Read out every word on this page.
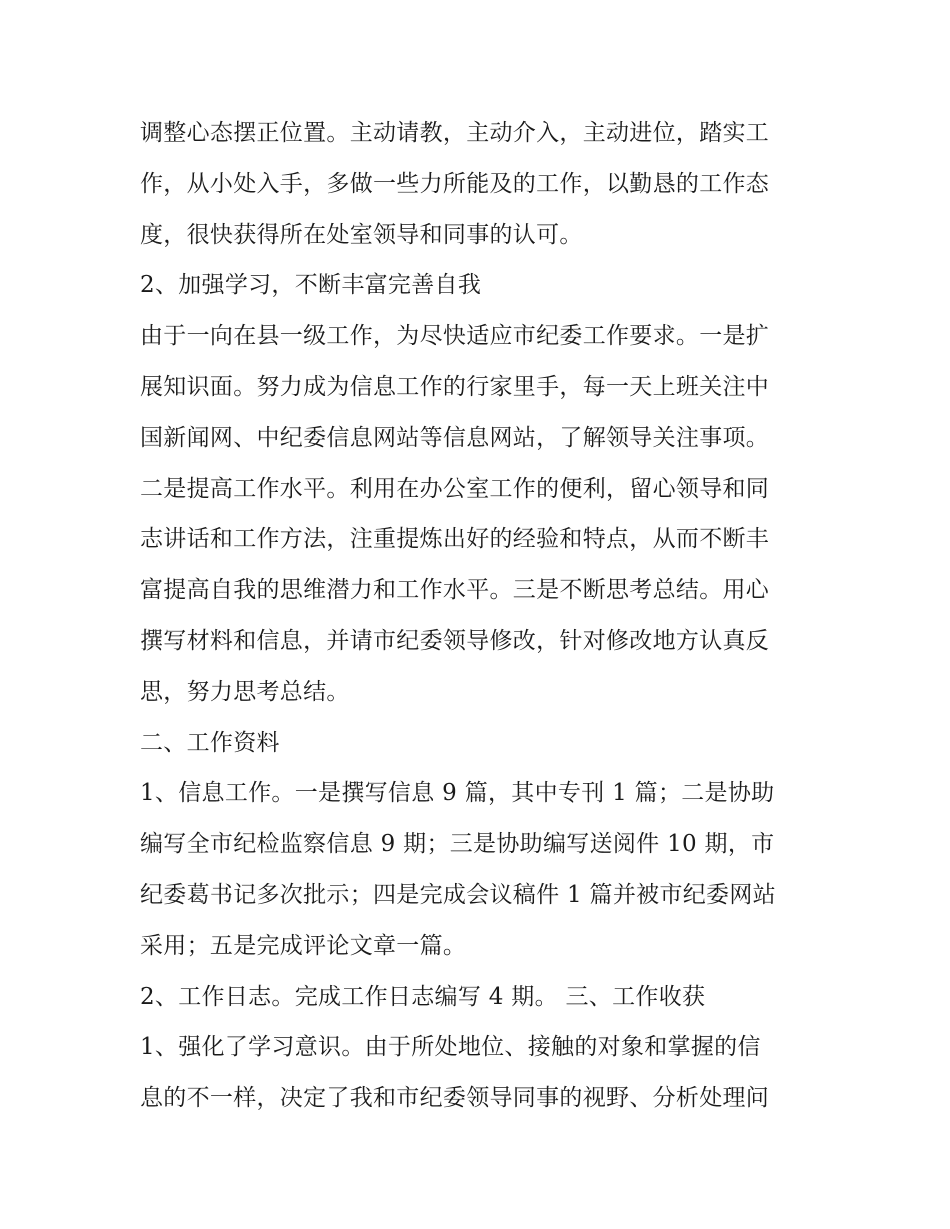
调整心态摆正位置。主动请教，主动介入，主动进位，踏实工
作，从小处入手，多做一些力所能及的工作，以勤恳的工作态
度，很快获得所在处室领导和同事的认可。
2、加强学习，不断丰富完善自我
由于一向在县一级工作，为尽快适应市纪委工作要求。一是扩
展知识面。努力成为信息工作的行家里手，每一天上班关注中
国新闻网、中纪委信息网站等信息网站，了解领导关注事项。
二是提高工作水平。利用在办公室工作的便利，留心领导和同
志讲话和工作方法，注重提炼出好的经验和特点，从而不断丰
富提高自我的思维潜力和工作水平。三是不断思考总结。用心
撰写材料和信息，并请市纪委领导修改，针对修改地方认真反
思，努力思考总结。
二、工作资料
1、信息工作。一是撰写信息 9 篇，其中专刊 1 篇；二是协助
编写全市纪检监察信息 9 期；三是协助编写送阅件 10 期，市
纪委葛书记多次批示；四是完成会议稿件 1 篇并被市纪委网站
采用；五是完成评论文章一篇。
2、工作日志。完成工作日志编写 4 期。 三、工作收获
1、强化了学习意识。由于所处地位、接触的对象和掌握的信
息的不一样，决定了我和市纪委领导同事的视野、分析处理问
